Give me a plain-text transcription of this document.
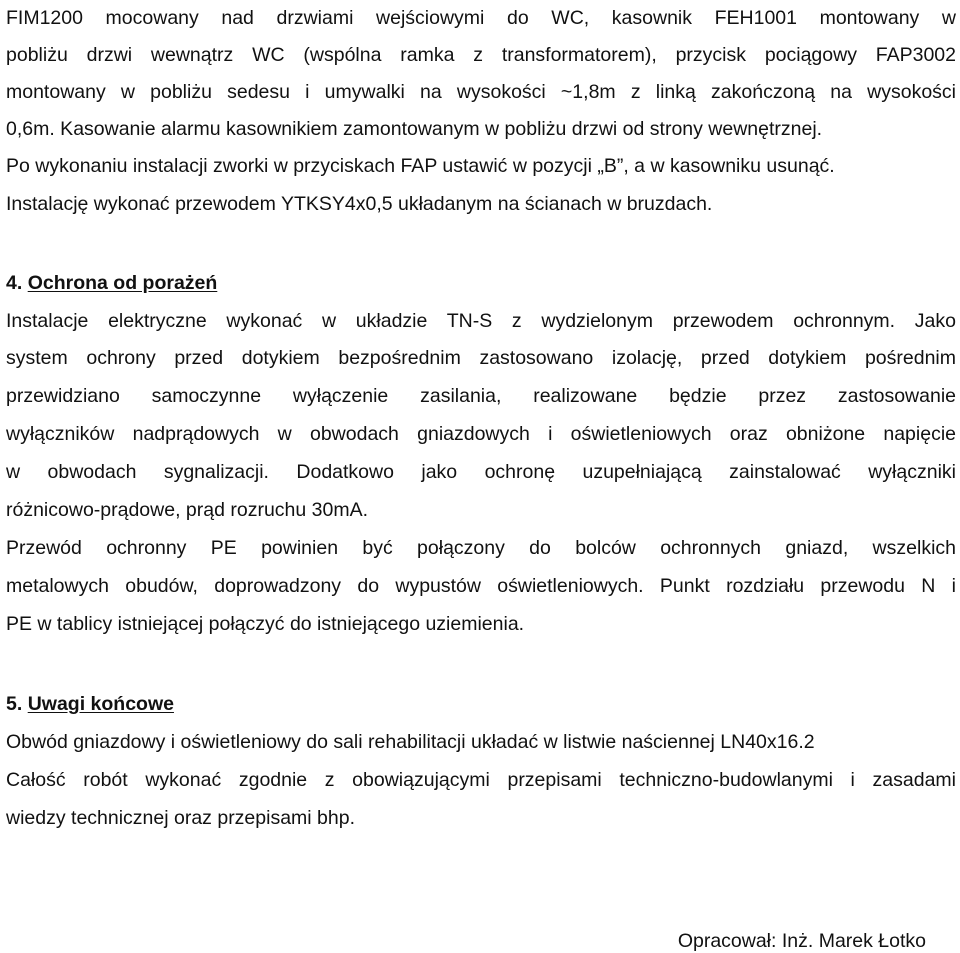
FIM1200 mocowany nad drzwiami wejściowymi do WC, kasownik FEH1001 montowany w
pobliżu drzwi wewnątrz WC (wspólna ramka z transformatorem), przycisk pociągowy FAP3002
montowany w pobliżu sedesu i umywalki na wysokości ~1,8m z linką zakończoną na wysokości
0,6m. Kasowanie alarmu kasownikiem zamontowanym w pobliżu drzwi od strony wewnętrznej.
Po wykonaniu instalacji zworki w przyciskach FAP ustawić w pozycji „B”, a w kasowniku usunąć.
Instalację wykonać przewodem YTKSY4x0,5 układanym na ścianach w bruzdach.
4. Ochrona od porażeń
Instalacje elektryczne wykonać w układzie TN-S z wydzielonym przewodem ochronnym. Jako
system ochrony przed dotykiem bezpośrednim zastosowano izolację, przed dotykiem pośrednim
przewidziano samoczynne wyłączenie zasilania, realizowane będzie przez zastosowanie
wyłączników nadprądowych w obwodach gniazdowych i oświetleniowych oraz obniżone napięcie
w obwodach sygnalizacji. Dodatkowo jako ochronę uzupełniającą zainstalować wyłączniki
różnicowo-prądowe, prąd rozruchu 30mA.
Przewód ochronny PE powinien być połączony do bolców ochronnych gniazd, wszelkich
metalowych obudów, doprowadzony do wypustów oświetleniowych. Punkt rozdziału przewodu N i
PE w tablicy istniejącej połączyć do istniejącego uziemienia.
5. Uwagi końcowe
Obwód gniazdowy i oświetleniowy do sali rehabilitacji układać w listwie naściennej LN40x16.2
Całość robót wykonać zgodnie z obowiązującymi przepisami techniczno-budowlanymi i zasadami
wiedzy technicznej oraz przepisami bhp.
Opracował: Inż. Marek Łotko
